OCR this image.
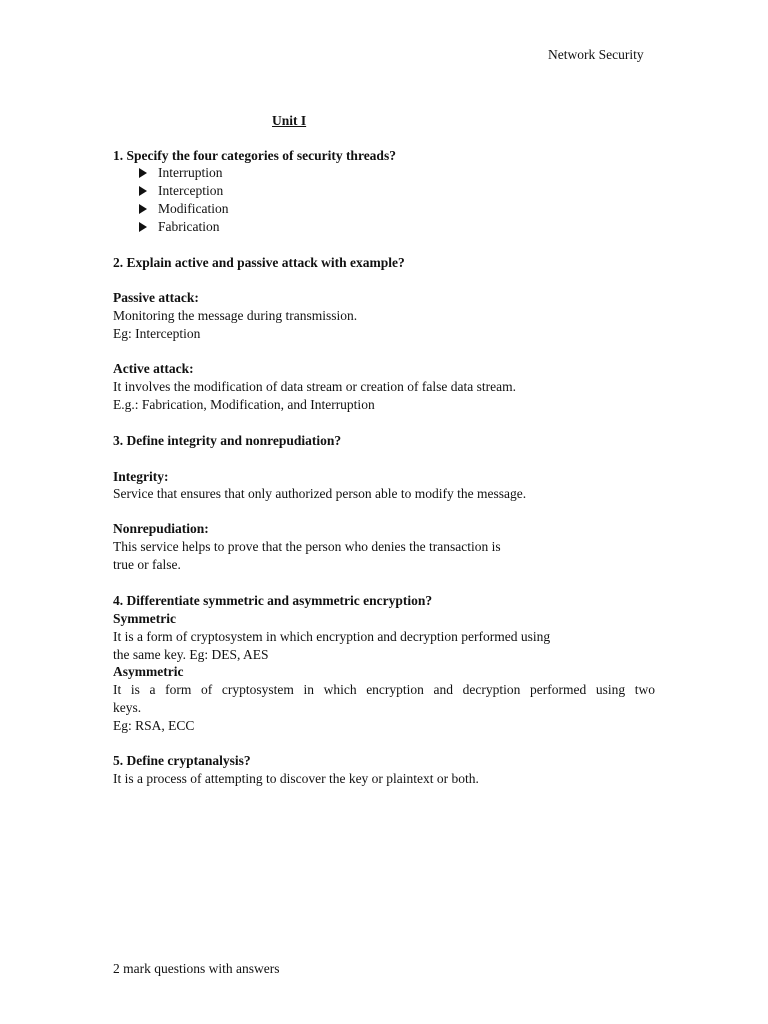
Network Security
Unit I
1. Specify the four categories of security threads?
Interruption
Interception
Modification
Fabrication
2. Explain active and passive attack with example?
Passive attack:
Monitoring the message during transmission.
Eg: Interception
Active attack:
It involves the modification of data stream or creation of false data stream.
E.g.: Fabrication, Modification, and Interruption
3. Define integrity and nonrepudiation?
Integrity:
Service that ensures that only authorized person able to modify the message.
Nonrepudiation:
This service helps to prove that the person who denies the transaction is
true or false.
4. Differentiate symmetric and asymmetric encryption?
Symmetric
It is a form of cryptosystem in which encryption and decryption performed using
the same key. Eg: DES, AES
Asymmetric
It is a form of cryptosystem in which encryption and decryption performed using two
keys.
Eg: RSA, ECC
5. Define cryptanalysis?
It is a process of attempting to discover the key or plaintext or both.
2 mark questions with answers
